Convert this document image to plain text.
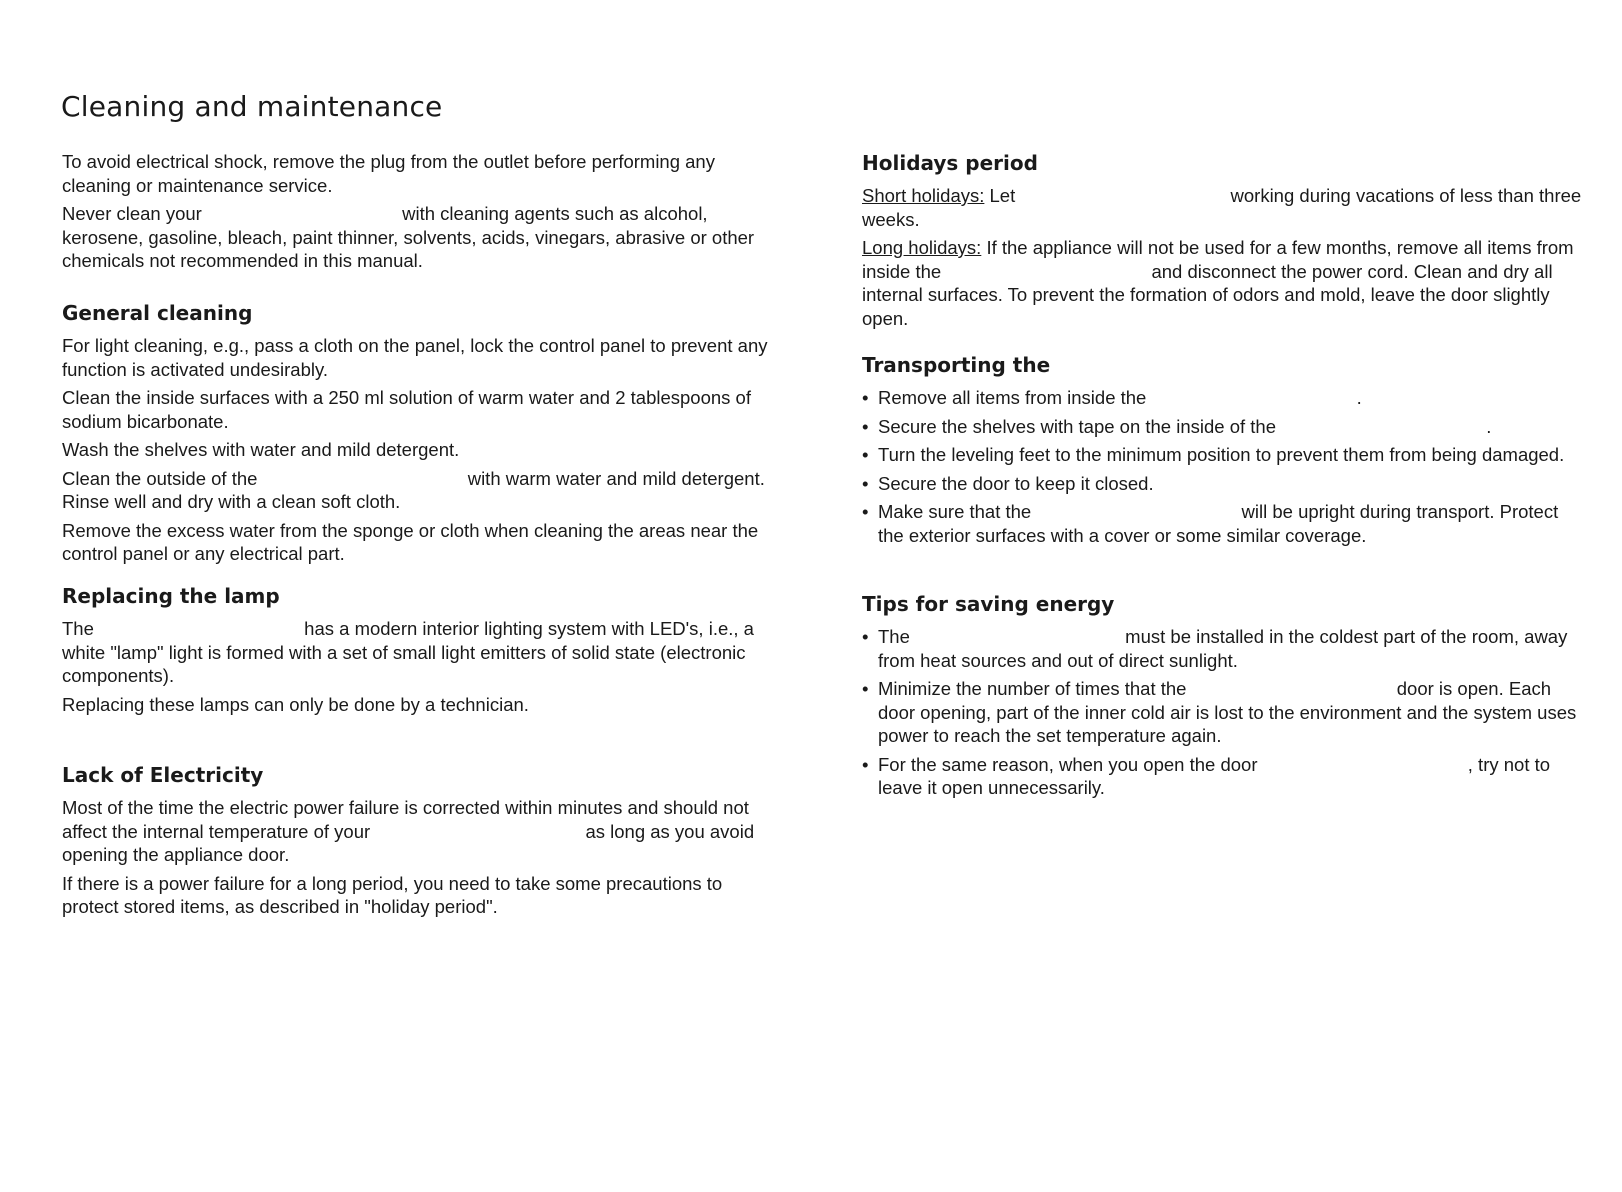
Cleaning and maintenance

To avoid electrical shock, remove the plug from the outlet before performing any cleaning or maintenance service.

Never clean your	with cleaning agents such as alcohol, kerosene, gasoline, bleach, paint thinner, solvents, acids, vinegars, abrasive or other chemicals not recommended in this manual.

General cleaning

For light cleaning, e.g., pass a cloth on the panel, lock the control panel to prevent any function is activated undesirably.

Clean the inside surfaces with a 250 ml solution of warm water and 2 tablespoons of sodium bicarbonate.

Wash the shelves with water and mild detergent.

Clean the outside of the	with warm water and mild detergent. Rinse well and dry with a clean soft cloth.

Remove the excess water from the sponge or cloth when cleaning the areas near the control panel or any electrical part.

Replacing the lamp

The	has a modern interior lighting system with LED's, i.e., a white "lamp" light is formed with a set of small light emitters of solid state (electronic components).

Replacing these lamps can only be done by a technician.

Lack of Electricity

Most of the time the electric power failure is corrected within minutes and should not affect the internal temperature of your	as long as you avoid opening the appliance door.

If there is a power failure for a long period, you need to take some precautions to protect stored items, as described in "holiday period".

Holidays period

Short holidays: Let	working during vacations of less than three weeks.

Long holidays: If the appliance will not be used for a few months, remove all items from inside the	and disconnect the power cord. Clean and dry all internal surfaces. To prevent the formation of odors and mold, leave the door slightly open.

Transporting the
• Remove all items from inside the	.
• Secure the shelves with tape on the inside of the	.
• Turn the leveling feet to the minimum position to prevent them from being damaged.
• Secure the door to keep it closed.
• Make sure that the	will be upright during transport. Protect the exterior surfaces with a cover or some similar coverage.
Tips for saving energy
• The	must be installed in the coldest part of the room, away from heat sources and out of direct sunlight.
• Minimize the number of times that the	door is open. Each door opening, part of the inner cold air is lost to the environment and the system uses power to reach the set temperature again.
• For the same reason, when you open the door	, try not to leave it open unnecessarily.
